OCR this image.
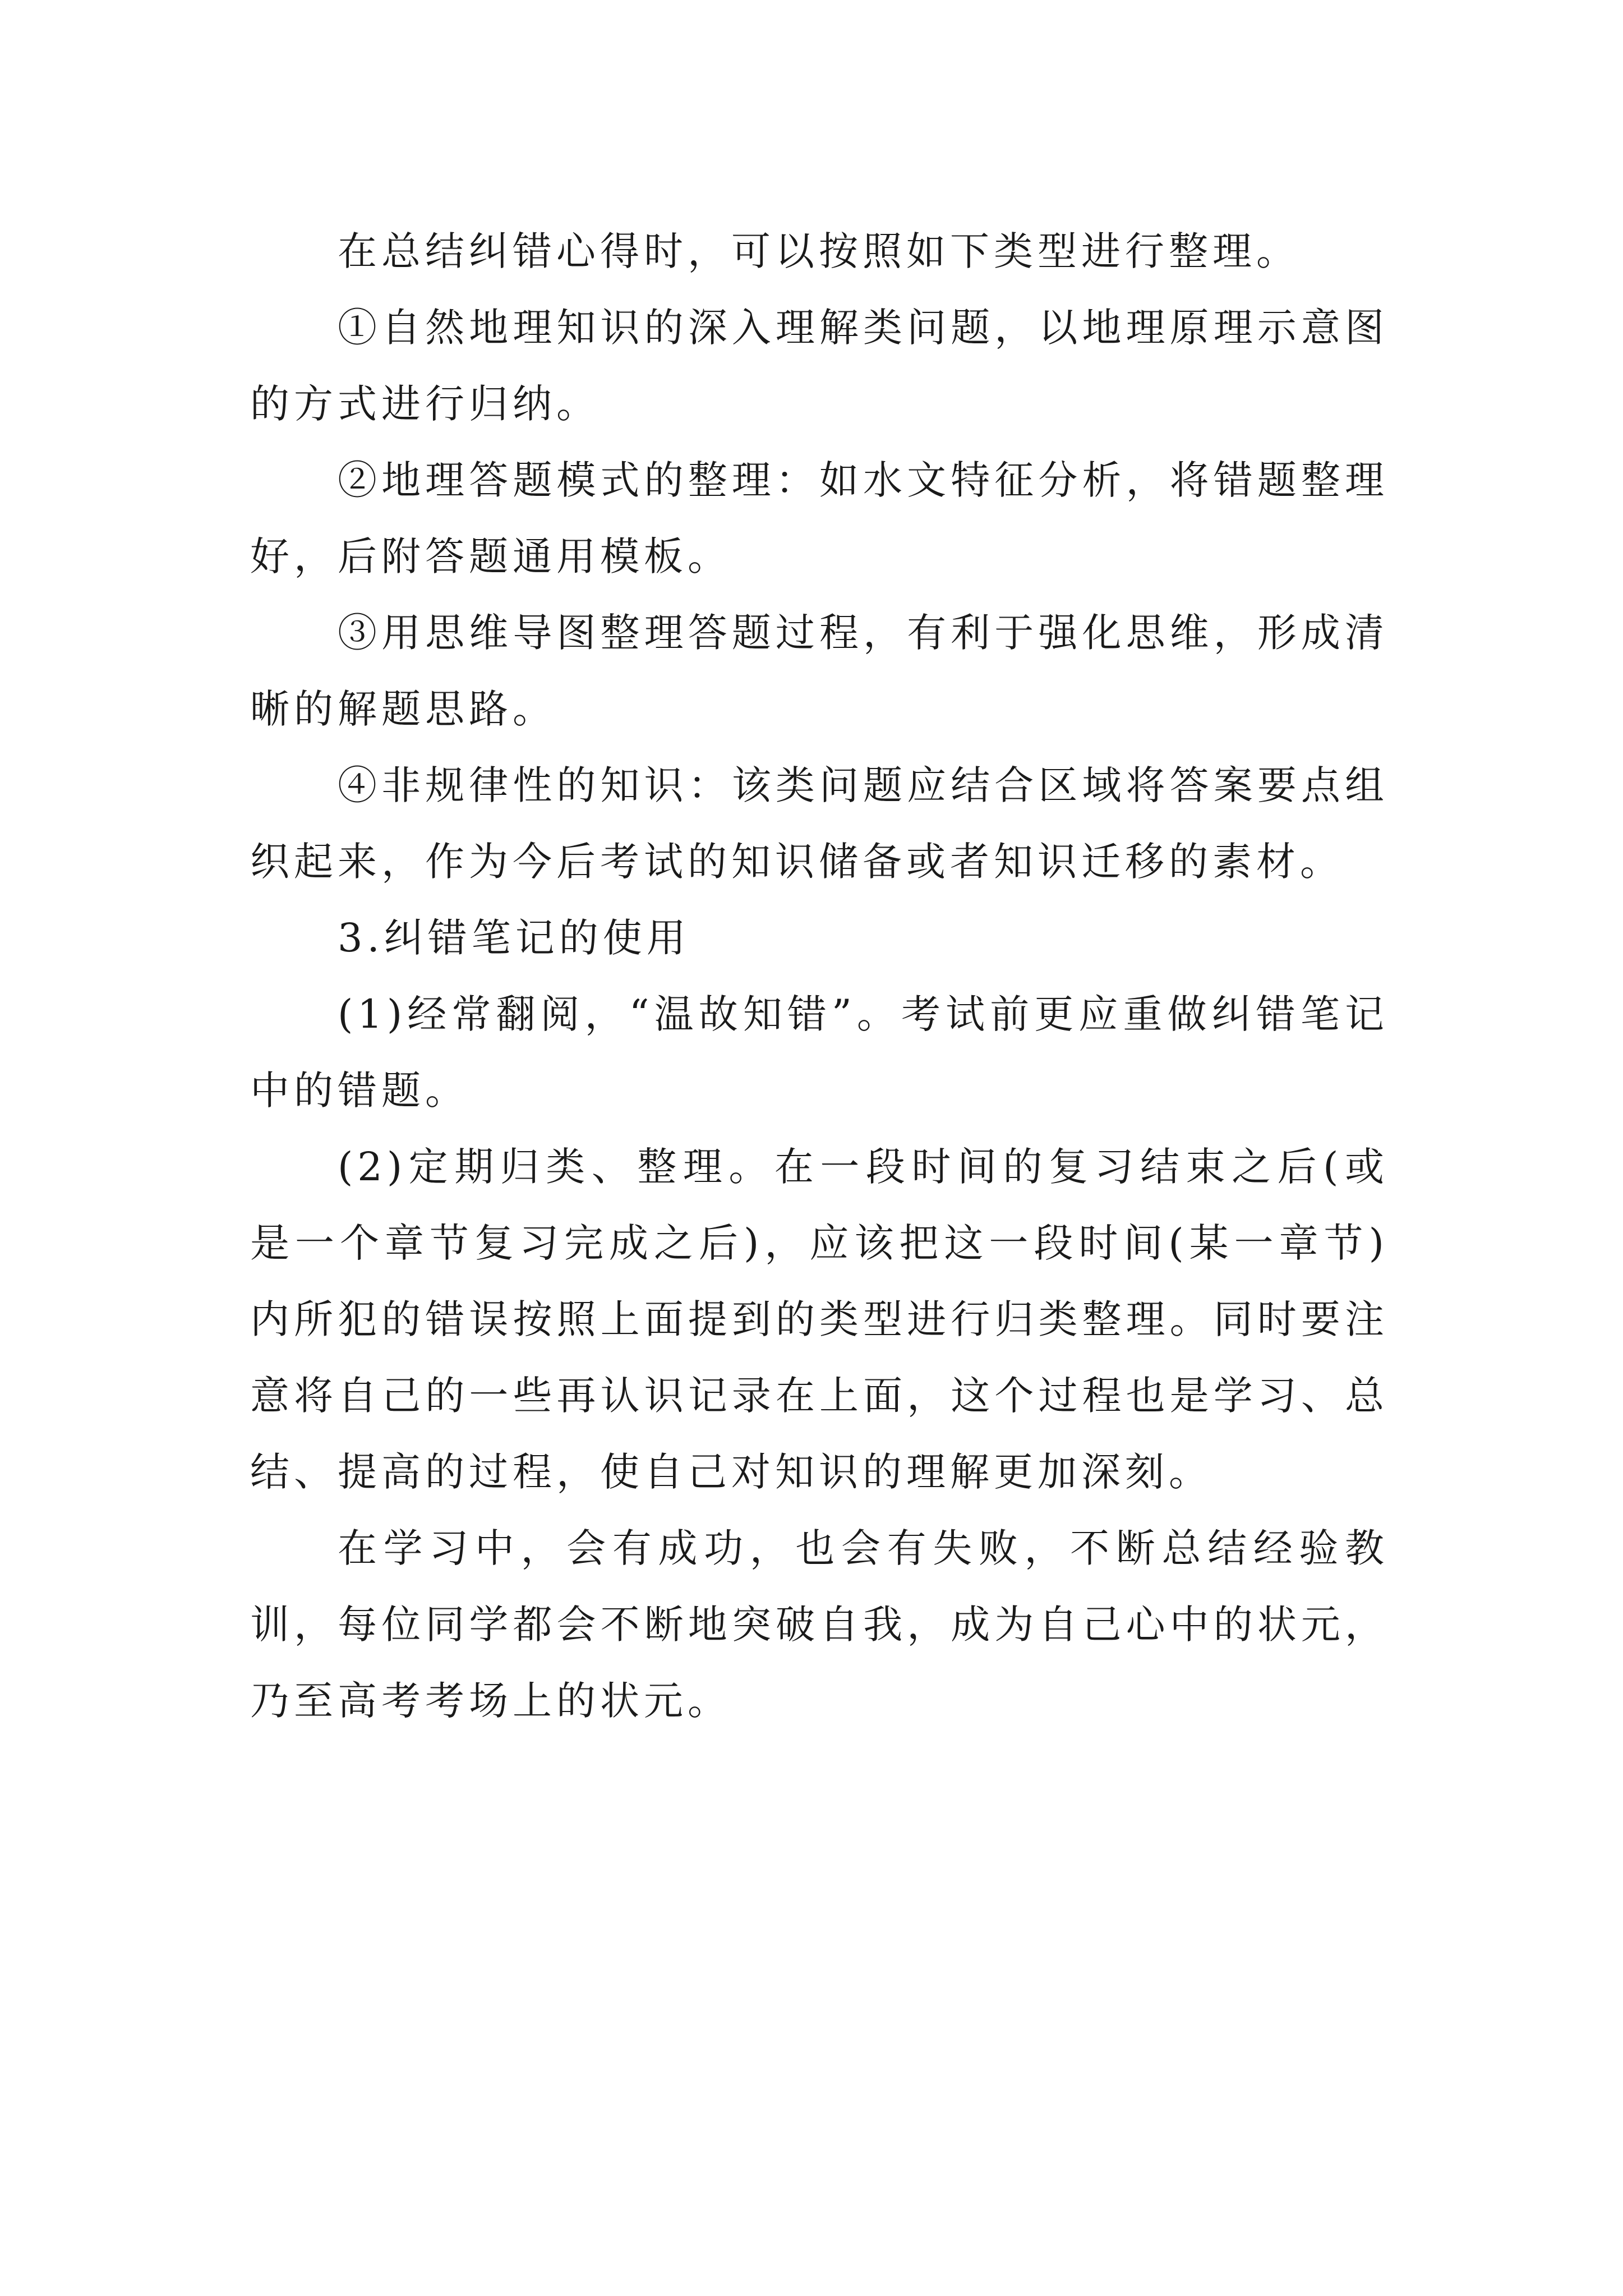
在总结纠错心得时，可以按照如下类型进行整理。

①自然地理知识的深入理解类问题，以地理原理示意图的方式进行归纳。

②地理答题模式的整理：如水文特征分析，将错题整理好，后附答题通用模板。

③用思维导图整理答题过程，有利于强化思维，形成清晰的解题思路。

④非规律性的知识：该类问题应结合区域将答案要点组织起来，作为今后考试的知识储备或者知识迁移的素材。

3.纠错笔记的使用

(1)经常翻阅，“温故知错”。考试前更应重做纠错笔记中的错题。

(2)定期归类、整理。在一段时间的复习结束之后(或是一个章节复习完成之后)，应该把这一段时间(某一章节)内所犯的错误按照上面提到的类型进行归类整理。同时要注意将自己的一些再认识记录在上面，这个过程也是学习、总结、提高的过程，使自己对知识的理解更加深刻。

在学习中，会有成功，也会有失败，不断总结经验教训，每位同学都会不断地突破自我，成为自己心中的状元，乃至高考考场上的状元。
